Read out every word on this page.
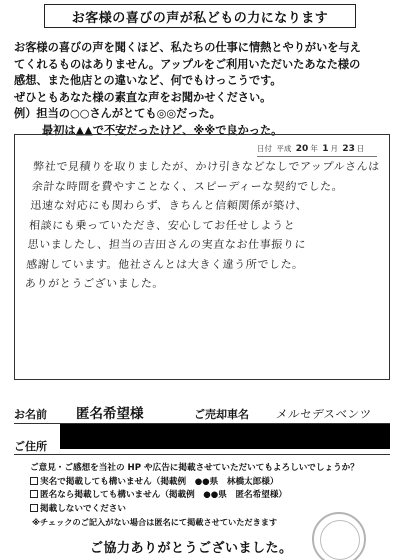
お客様の喜びの声が私どもの力になります
お客様の喜びの声を聞くほど、私たちの仕事に情熱とやりがいを与え
てくれるものはありません。アップルをご利用いただいたあなた様の
感想、また他店との違いなど、何でもけっこうです。
ぜひともあなた様の素直な声をお聞かせください。
例）担当の○○さんがとても◎◎だった。
最初は▲▲で不安だったけど、※※で良かった。
日付 平成 20 年 1 月 23 日
弊社で見積りを取りましたが、かけ引きなどなしでアップルさんは
余計な時間を費やすことなく、スピーディーな契約でした。
迅速な対応にも関わらず、きちんと信頼関係が築け、
相談にも乗っていただき、安心してお任せしようと
思いましたし、担当の吉田さんの実直なお仕事振りに
感謝しています。他社さんとは大きく違う所でした。
ありがとうございました。
お名前	匿名希望様	ご売却車名	メルセデスベンツ
ご住所
ご意見・ご感想を当社の HP や広告に掲載させていただいてもよろしいでしょうか？
実名で掲載しても構いません（掲載例　●●県　林橋太郎様）
匿名なら掲載しても構いません（掲載例　●●県　匿名希望様）
掲載しないでください
※チェックのご記入がない場合は匿名にて掲載させていただきます
ご協力ありがとうございました。
